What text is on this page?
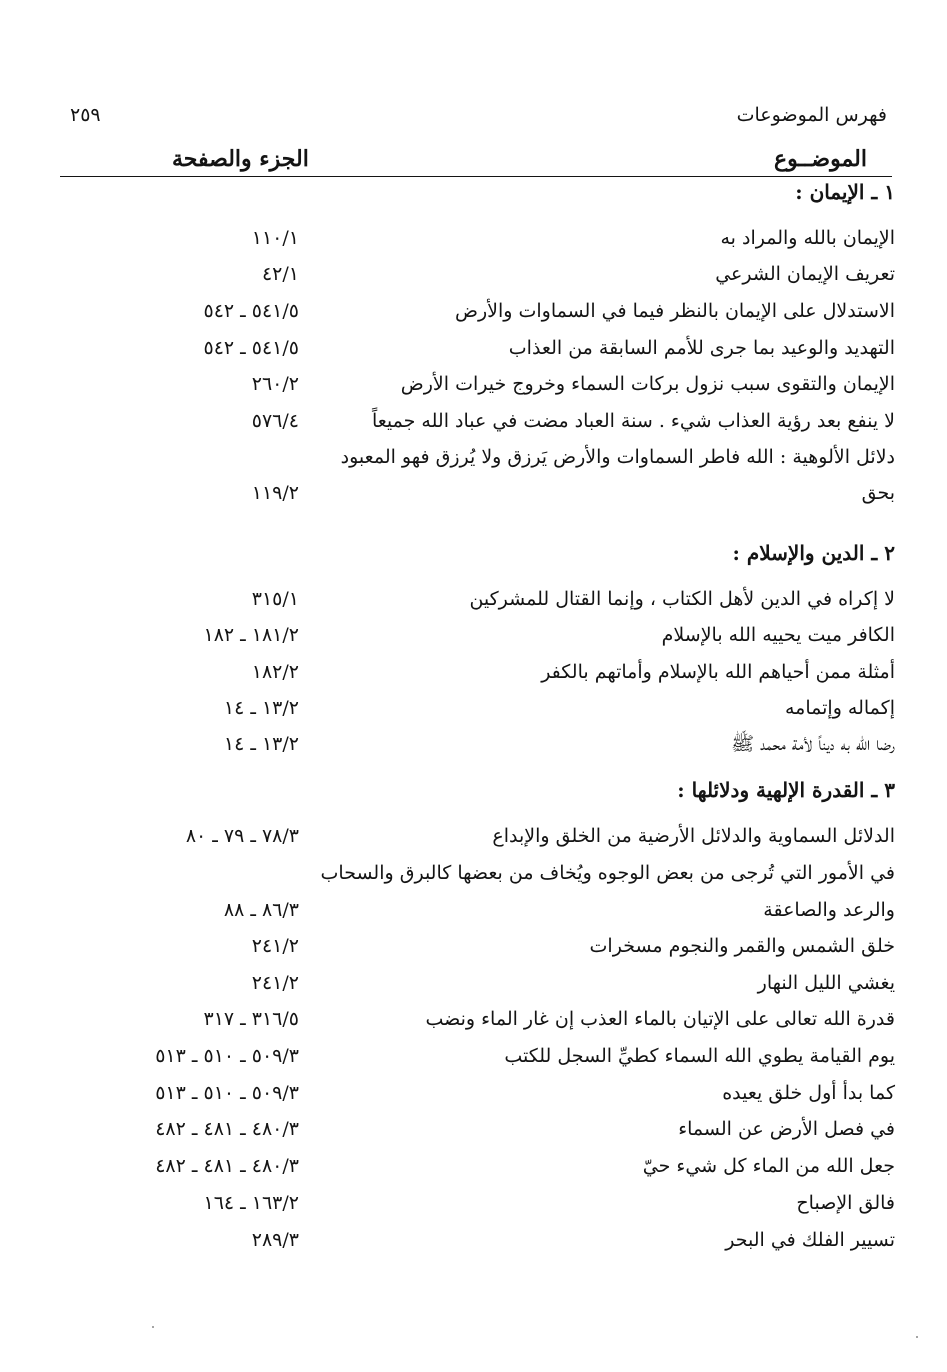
فهرس الموضوعات
٢٥٩
الموضــوع
الجزء والصفحة
١ ـ الإيمان :
الإيمان بالله والمراد به
١١٠/١
تعريف الإيمان الشرعي
٤٢/١
الاستدلال على الإيمان بالنظر فيما في السماوات والأرض
٥٤١/٥ ـ ٥٤٢
التهديد والوعيد بما جرى للأمم السابقة من العذاب
٥٤١/٥ ـ ٥٤٢
الإيمان والتقوى سبب نزول بركات السماء وخروج خيرات الأرض
٢٦٠/٢
لا ينفع بعد رؤية العذاب شيء . سنة العباد مضت في عباد الله جميعاً
٥٧٦/٤
دلائل الألوهية : الله فاطر السماوات والأرض يَرزق ولا يُرزق فهو المعبود
بحق
١١٩/٢
٢ ـ الدين والإسلام :
لا إكراه في الدين لأهل الكتاب ، وإنما القتال للمشركين
٣١٥/١
الكافر ميت يحييه الله بالإسلام
١٨١/٢ ـ ١٨٢
أمثلة ممن أحياهم الله بالإسلام وأماتهم بالكفر
١٨٢/٢
إكماله وإتمامه
١٣/٢ ـ ١٤
رضا الله به ديناً لأمة محمد ﷺ
١٣/٢ ـ ١٤
٣ ـ القدرة الإلهية ودلائلها :
الدلائل السماوية والدلائل الأرضية من الخلق والإبداع
٧٨/٣ ـ ٧٩ ـ ٨٠
في الأمور التي تُرجى من بعض الوجوه ويُخاف من بعضها كالبرق والسحاب
والرعد والصاعقة
٨٦/٣ ـ ٨٨
خلق الشمس والقمر والنجوم مسخرات
٢٤١/٢
يغشي الليل النهار
٢٤١/٢
قدرة الله تعالى على الإتيان بالماء العذب إن غار الماء ونضب
٣١٦/٥ ـ ٣١٧
يوم القيامة يطوي الله السماء كطيِّ السجل للكتب
٥٠٩/٣ ـ ٥١٠ ـ ٥١٣
كما بدأ أول خلق يعيده
٥٠٩/٣ ـ ٥١٠ ـ ٥١٣
في فصل الأرض عن السماء
٤٨٠/٣ ـ ٤٨١ ـ ٤٨٢
جعل الله من الماء كل شيء حيّ
٤٨٠/٣ ـ ٤٨١ ـ ٤٨٢
فالق الإصباح
١٦٣/٢ ـ ١٦٤
تسيير الفلك في البحر
٢٨٩/٣
